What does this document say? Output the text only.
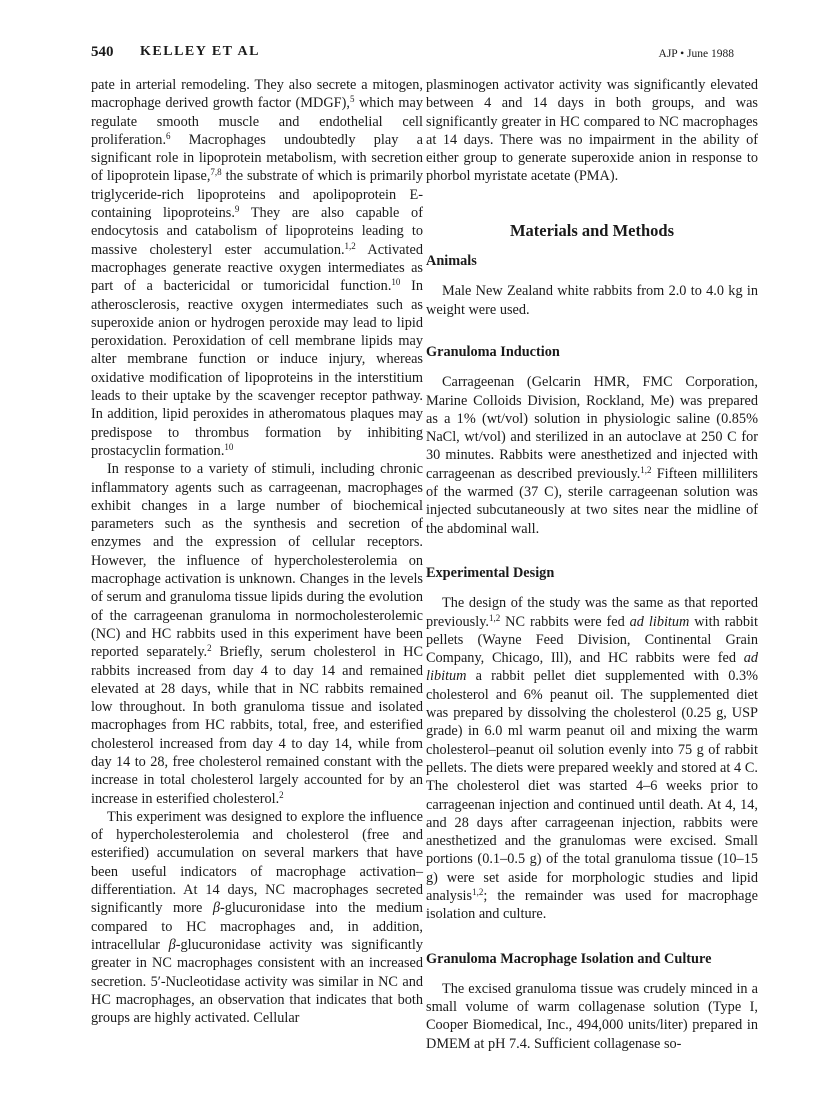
540 KELLEY ET AL	AJP • June 1988

pate in arterial remodeling. They also secrete a mitogen, macrophage derived growth factor (MDGF),$^5$ which may regulate smooth muscle and endothelial cell proliferation.$^6$ Macrophages undoubtedly play a significant role in lipoprotein metabolism, with secretion of lipoprotein lipase,$^{7,8}$ the substrate of which is primarily triglyceride-rich lipoproteins and apolipoprotein E-containing lipoproteins.$^9$ They are also capable of endocytosis and catabolism of lipoproteins leading to massive cholesteryl ester accumulation.$^{1,2}$ Activated macrophages generate reactive oxygen intermediates as part of a bactericidal or tumoricidal function.$^{10}$ In atherosclerosis, reactive oxygen intermediates such as superoxide anion or hydrogen peroxide may lead to lipid peroxidation. Peroxidation of cell membrane lipids may alter membrane function or induce injury, whereas oxidative modification of lipoproteins in the interstitium leads to their uptake by the scavenger receptor pathway. In addition, lipid peroxides in atheromatous plaques may predispose to thrombus formation by inhibiting prostacyclin formation.$^{10}$

In response to a variety of stimuli, including chronic inflammatory agents such as carrageenan, macrophages exhibit changes in a large number of biochemical parameters such as the synthesis and secretion of enzymes and the expression of cellular receptors. However, the influence of hypercholesterolemia on macrophage activation is unknown. Changes in the levels of serum and granuloma tissue lipids during the evolution of the carrageenan granuloma in normocholesterolemic (NC) and HC rabbits used in this experiment have been reported separately.$^2$ Briefly, serum cholesterol in HC rabbits increased from day 4 to day 14 and remained elevated at 28 days, while that in NC rabbits remained low throughout. In both granuloma tissue and isolated macrophages from HC rabbits, total, free, and esterified cholesterol increased from day 4 to day 14, while from day 14 to 28, free cholesterol remained constant with the increase in total cholesterol largely accounted for by an increase in esterified cholesterol.$^2$

This experiment was designed to explore the influence of hypercholesterolemia and cholesterol (free and esterified) accumulation on several markers that have been useful indicators of macrophage activation–differentiation. At 14 days, NC macrophages secreted significantly more β-glucuronidase into the medium compared to HC macrophages and, in addition, intracellular β-glucuronidase activity was significantly greater in NC macrophages consistent with an increased secretion. 5′-Nucleotidase activity was similar in NC and HC macrophages, an observation that indicates that both groups are highly activated. Cellular

plasminogen activator activity was significantly elevated between 4 and 14 days in both groups, and was significantly greater in HC compared to NC macrophages at 14 days. There was no impairment in the ability of either group to generate superoxide anion in response to phorbol myristate acetate (PMA).

Materials and Methods
Animals

Male New Zealand white rabbits from 2.0 to 4.0 kg in weight were used.

Granuloma Induction

Carrageenan (Gelcarin HMR, FMC Corporation, Marine Colloids Division, Rockland, Me) was prepared as a 1% (wt/vol) solution in physiologic saline (0.85% NaCl, wt/vol) and sterilized in an autoclave at 250 C for 30 minutes. Rabbits were anesthetized and injected with carrageenan as described previously.$^{1,2}$ Fifteen milliliters of the warmed (37 C), sterile carrageenan solution was injected subcutaneously at two sites near the midline of the abdominal wall.

Experimental Design

The design of the study was the same as that reported previously.$^{1,2}$ NC rabbits were fed ad libitum with rabbit pellets (Wayne Feed Division, Continental Grain Company, Chicago, Ill), and HC rabbits were fed ad libitum a rabbit pellet diet supplemented with 0.3% cholesterol and 6% peanut oil. The supplemented diet was prepared by dissolving the cholesterol (0.25 g, USP grade) in 6.0 ml warm peanut oil and mixing the warm cholesterol–peanut oil solution evenly into 75 g of rabbit pellets. The diets were prepared weekly and stored at 4 C. The cholesterol diet was started 4–6 weeks prior to carrageenan injection and continued until death. At 4, 14, and 28 days after carrageenan injection, rabbits were anesthetized and the granulomas were excised. Small portions (0.1–0.5 g) of the total granuloma tissue (10–15 g) were set aside for morphologic studies and lipid analysis$^{1,2}$; the remainder was used for macrophage isolation and culture.

Granuloma Macrophage Isolation and Culture

The excised granuloma tissue was crudely minced in a small volume of warm collagenase solution (Type I, Cooper Biomedical, Inc., 494,000 units/liter) prepared in DMEM at pH 7.4. Sufficient collagenase so-
